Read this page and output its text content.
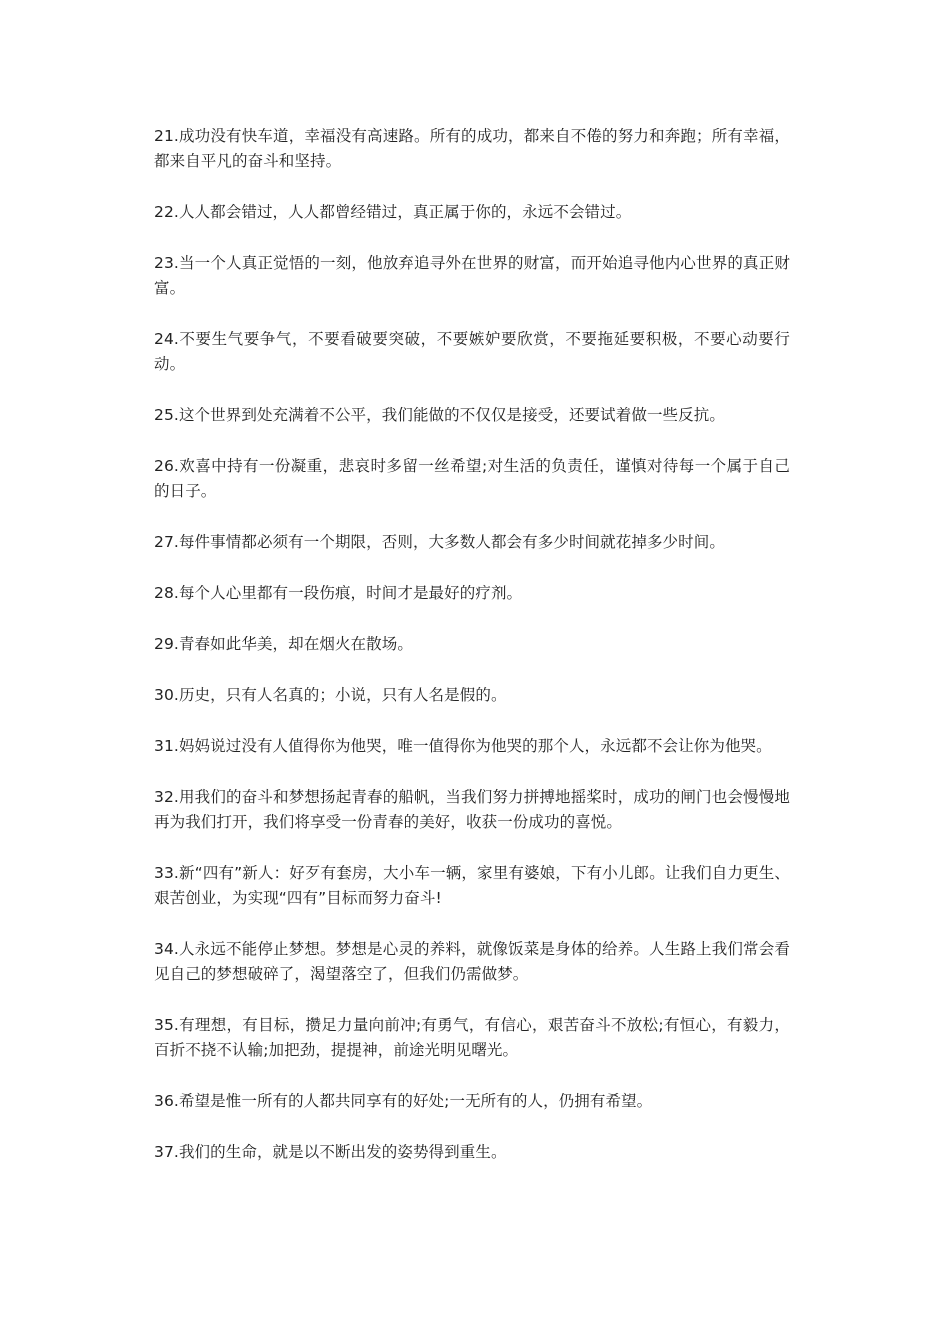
21.成功没有快车道，幸福没有高速路。所有的成功，都来自不倦的努力和奔跑；所有幸福，都来自平凡的奋斗和坚持。

22.人人都会错过，人人都曾经错过，真正属于你的，永远不会错过。

23.当一个人真正觉悟的一刻，他放弃追寻外在世界的财富，而开始追寻他内心世界的真正财富。

24.不要生气要争气，不要看破要突破，不要嫉妒要欣赏，不要拖延要积极，不要心动要行动。

25.这个世界到处充满着不公平，我们能做的不仅仅是接受，还要试着做一些反抗。

26.欢喜中持有一份凝重，悲哀时多留一丝希望;对生活的负责任，谨慎对待每一个属于自己的日子。

27.每件事情都必须有一个期限，否则，大多数人都会有多少时间就花掉多少时间。

28.每个人心里都有一段伤痕，时间才是最好的疗剂。

29.青春如此华美，却在烟火在散场。

30.历史，只有人名真的；小说，只有人名是假的。

31.妈妈说过没有人值得你为他哭，唯一值得你为他哭的那个人，永远都不会让你为他哭。

32.用我们的奋斗和梦想扬起青春的船帆，当我们努力拼搏地摇桨时，成功的闸门也会慢慢地再为我们打开，我们将享受一份青春的美好，收获一份成功的喜悦。

33.新“四有”新人：好歹有套房，大小车一辆，家里有婆娘，下有小儿郎。让我们自力更生、艰苦创业，为实现“四有”目标而努力奋斗!

34.人永远不能停止梦想。梦想是心灵的养料，就像饭菜是身体的给养。人生路上我们常会看见自己的梦想破碎了，渴望落空了，但我们仍需做梦。

35.有理想，有目标，攒足力量向前冲;有勇气，有信心，艰苦奋斗不放松;有恒心，有毅力，百折不挠不认输;加把劲，提提神，前途光明见曙光。

36.希望是惟一所有的人都共同享有的好处;一无所有的人，仍拥有希望。

37.我们的生命，就是以不断出发的姿势得到重生。
